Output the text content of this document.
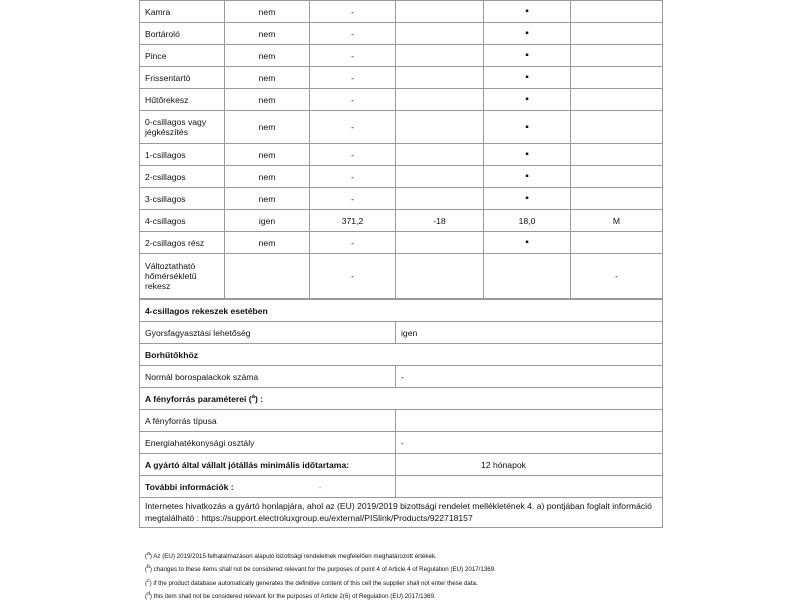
Kamra	nem	-		▪	
Bortároló	nem	-		▪	
Pince	nem	-		▪	
Frissentartó	nem	-		▪	
Hűtőrekesz	nem	-		▪	
0-csillagos vagy jégkészítés	nem	-		▪	
1-csillagos	nem	-		▪	
2-csillagos	nem	-		▪	
3-csillagos	nem	-		▪	
4-csillagos	igen	371,2	-18	18,0	M
2-csillagos rész	nem	-		▪	
Változtatható hőmérsékletű rekesz		-			-
4-csillagos rekeszek esetében	
Gyorsfagyasztási lehetőség	igen
Borhűtőkhöz	
Normál borospalackok száma	-
A fényforrás paraméterei ($^a$) :	
A fényforrás típusa	
Energiahatékonysági osztály	-
A gyártó által vállalt jótállás minimális időtartama:	12 hónapok
További információk : -	
Internetes hivatkozás a gyártó honlapjára, ahol az (EU) 2019/2019 bizottsági rendelet mellékletének 4. a) pontjában foglalt információ megtalálható : https://support.electroluxgroup.eu/external/PISlink/Products/922718157	
($^a$) Az (EU) 2019/2015 felhatalmazáson alapuló bizottsági rendeletnek megfelelően meghatározott értékek.
($^b$) changes to these items shall not be considered relevant for the purposes of point 4 of Article 4 of Regulation (EU) 2017/1369.
($^c$) if the product database automatically generates the definitive content of this cell the supplier shall not enter these data.
($^d$) this item shall not be considered relevant for the purposes of Article 2(6) of Regulation (EU) 2017/1369.
